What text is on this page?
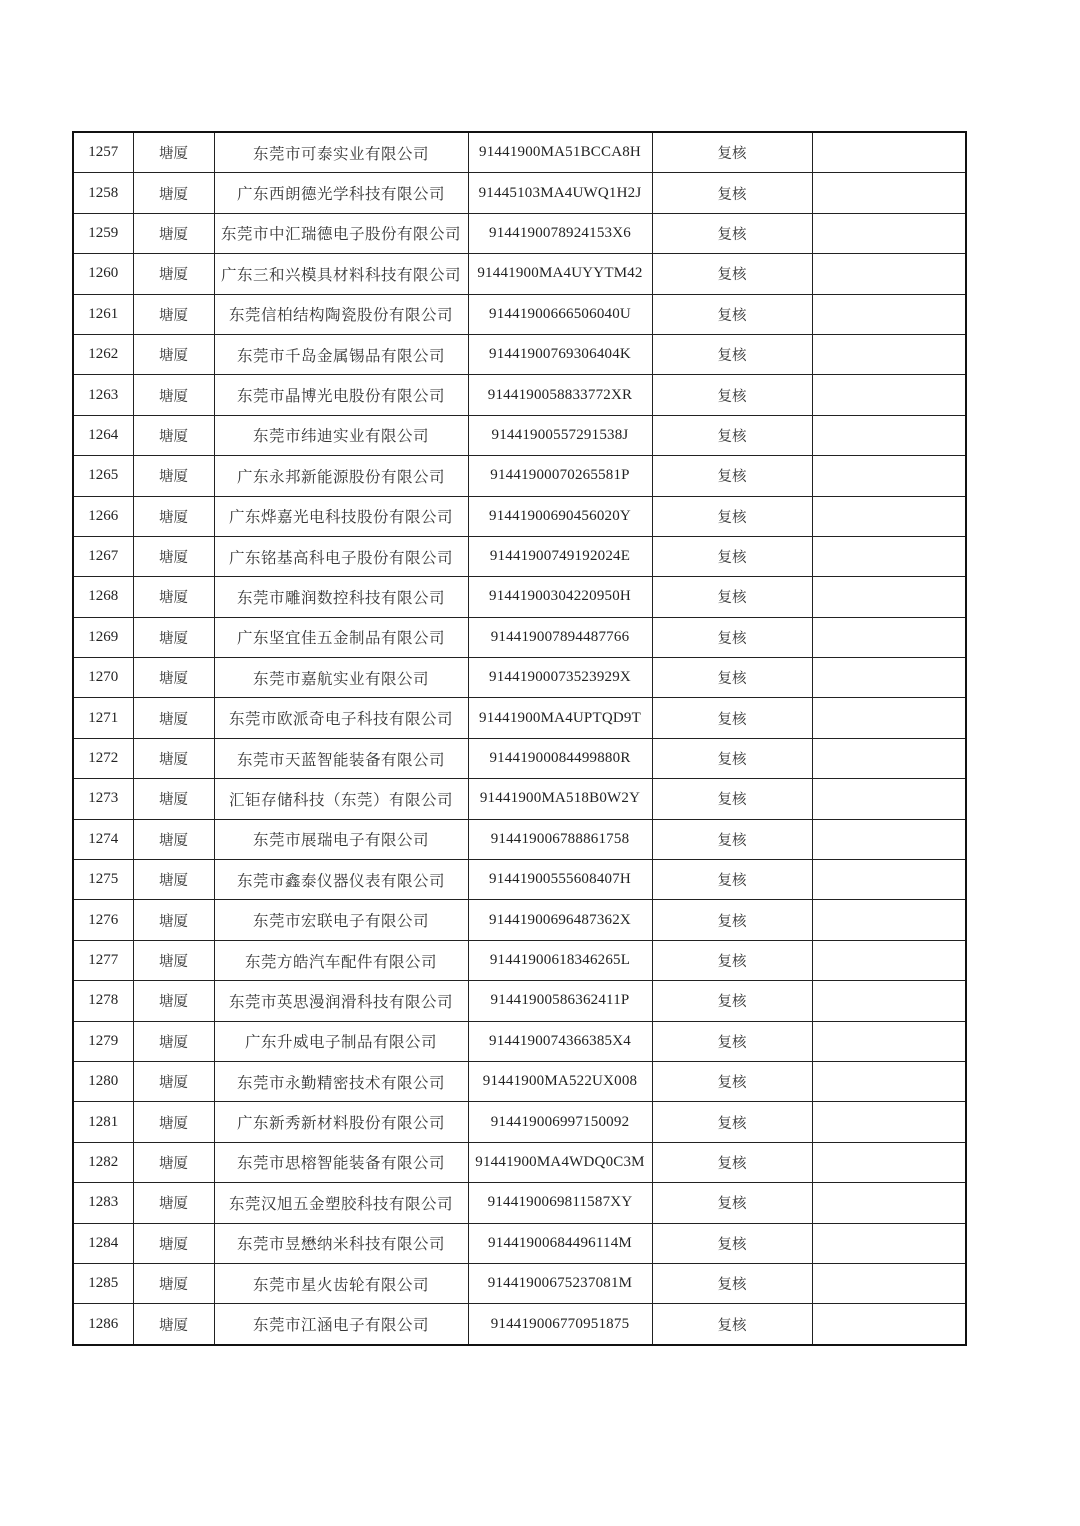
1257	塘厦	东莞市可泰实业有限公司	91441900MA51BCCA8H	复核	
1258	塘厦	广东西朗德光学科技有限公司	91445103MA4UWQ1H2J	复核	
1259	塘厦	东莞市中汇瑞德电子股份有限公司	9144190078924153X6	复核	
1260	塘厦	广东三和兴模具材料科技有限公司	91441900MA4UYYTM42	复核	
1261	塘厦	东莞信柏结构陶瓷股份有限公司	91441900666506040U	复核	
1262	塘厦	东莞市千岛金属锡品有限公司	91441900769306404K	复核	
1263	塘厦	东莞市晶博光电股份有限公司	9144190058833772XR	复核	
1264	塘厦	东莞市纬迪实业有限公司	91441900557291538J	复核	
1265	塘厦	广东永邦新能源股份有限公司	91441900070265581P	复核	
1266	塘厦	广东烨嘉光电科技股份有限公司	91441900690456020Y	复核	
1267	塘厦	广东铭基高科电子股份有限公司	91441900749192024E	复核	
1268	塘厦	东莞市雕润数控科技有限公司	91441900304220950H	复核	
1269	塘厦	广东坚宜佳五金制品有限公司	914419007894487766	复核	
1270	塘厦	东莞市嘉航实业有限公司	91441900073523929X	复核	
1271	塘厦	东莞市欧派奇电子科技有限公司	91441900MA4UPTQD9T	复核	
1272	塘厦	东莞市天蓝智能装备有限公司	91441900084499880R	复核	
1273	塘厦	汇钜存储科技（东莞）有限公司	91441900MA518B0W2Y	复核	
1274	塘厦	东莞市展瑞电子有限公司	914419006788861758	复核	
1275	塘厦	东莞市鑫泰仪器仪表有限公司	91441900555608407H	复核	
1276	塘厦	东莞市宏联电子有限公司	91441900696487362X	复核	
1277	塘厦	东莞方皓汽车配件有限公司	91441900618346265L	复核	
1278	塘厦	东莞市英思漫润滑科技有限公司	91441900586362411P	复核	
1279	塘厦	广东升威电子制品有限公司	9144190074366385X4	复核	
1280	塘厦	东莞市永勤精密技术有限公司	91441900MA522UX008	复核	
1281	塘厦	广东新秀新材料股份有限公司	914419006997150092	复核	
1282	塘厦	东莞市思榕智能装备有限公司	91441900MA4WDQ0C3M	复核	
1283	塘厦	东莞汉旭五金塑胶科技有限公司	9144190069811587XY	复核	
1284	塘厦	东莞市昱懋纳米科技有限公司	91441900684496114M	复核	
1285	塘厦	东莞市星火齿轮有限公司	91441900675237081M	复核	
1286	塘厦	东莞市江涵电子有限公司	914419006770951875	复核	
